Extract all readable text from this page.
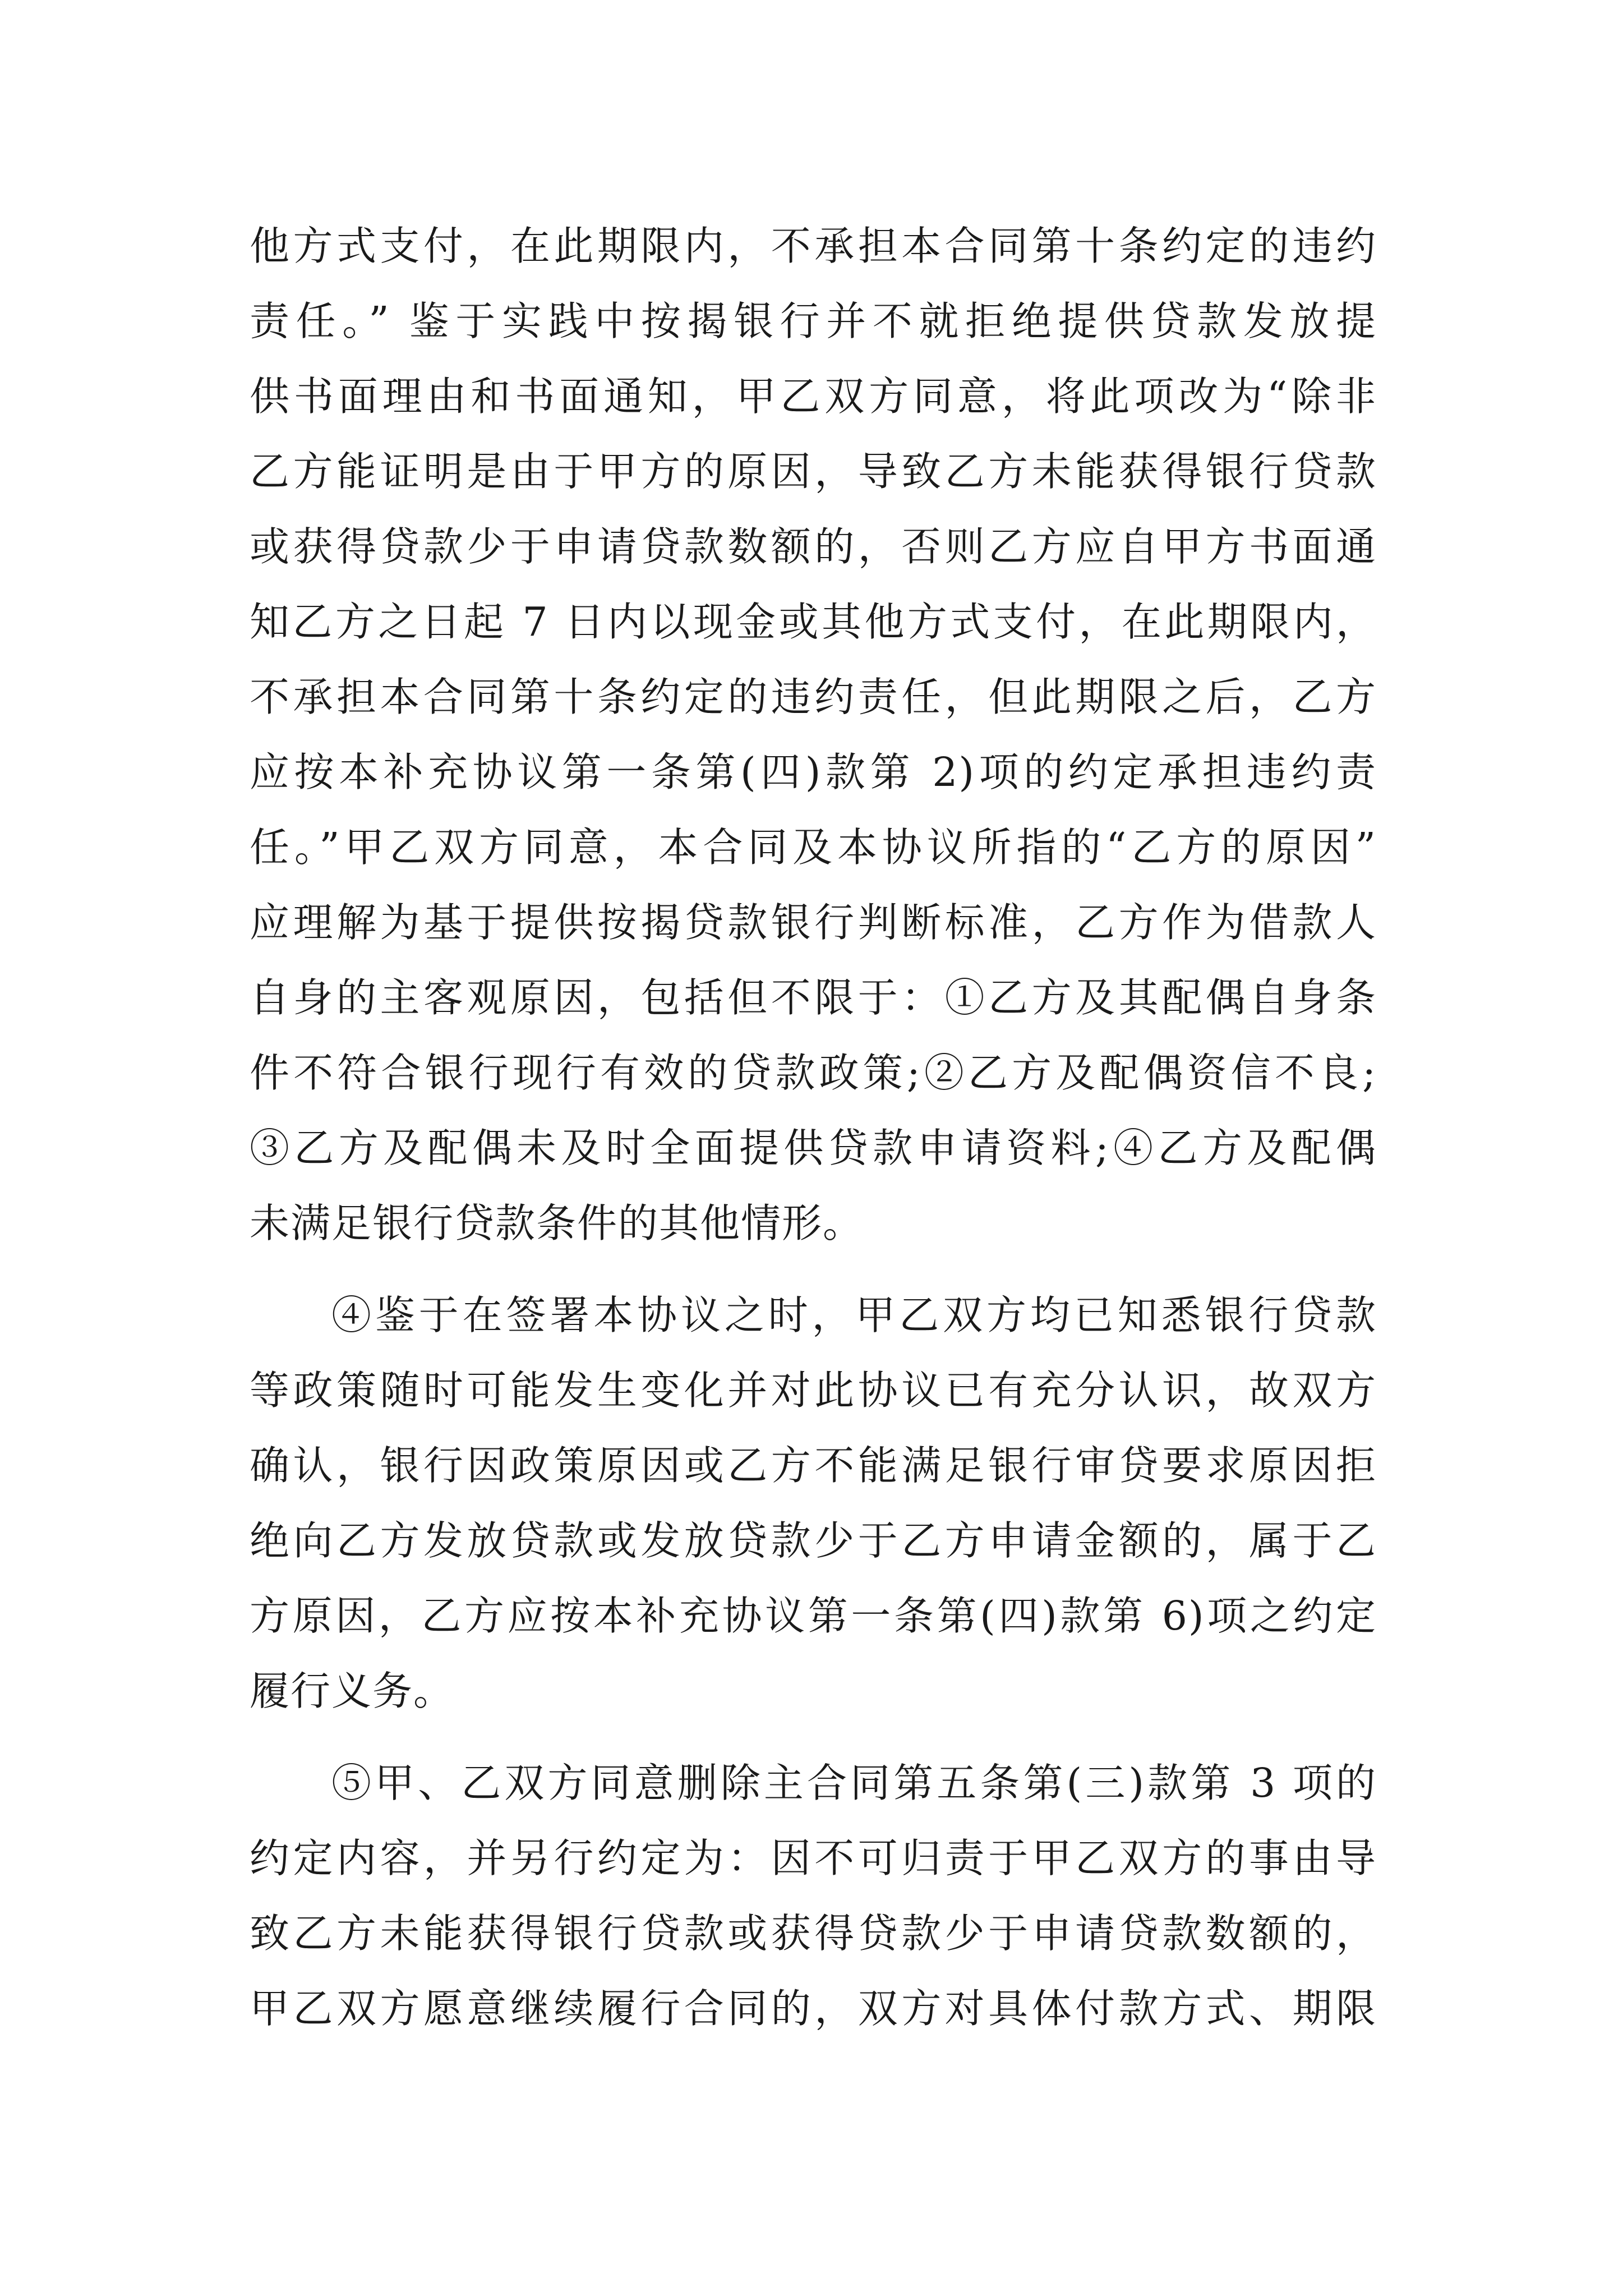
他方式支付，在此期限内，不承担本合同第十条约定的违约
责任。” 鉴于实践中按揭银行并不就拒绝提供贷款发放提
供书面理由和书面通知，甲乙双方同意，将此项改为“除非
乙方能证明是由于甲方的原因，导致乙方未能获得银行贷款
或获得贷款少于申请贷款数额的，否则乙方应自甲方书面通
知乙方之日起 7 日内以现金或其他方式支付，在此期限内，
不承担本合同第十条约定的违约责任，但此期限之后，乙方
应按本补充协议第一条第(四)款第 2)项的约定承担违约责
任。”甲乙双方同意，本合同及本协议所指的“乙方的原因”
应理解为基于提供按揭贷款银行判断标准，乙方作为借款人
自身的主客观原因，包括但不限于：①乙方及其配偶自身条
件不符合银行现行有效的贷款政策;②乙方及配偶资信不良;
③乙方及配偶未及时全面提供贷款申请资料;④乙方及配偶
未满足银行贷款条件的其他情形。
④鉴于在签署本协议之时，甲乙双方均已知悉银行贷款
等政策随时可能发生变化并对此协议已有充分认识，故双方
确认，银行因政策原因或乙方不能满足银行审贷要求原因拒
绝向乙方发放贷款或发放贷款少于乙方申请金额的，属于乙
方原因，乙方应按本补充协议第一条第(四)款第 6)项之约定
履行义务。
⑤甲、乙双方同意删除主合同第五条第(三)款第 3 项的
约定内容，并另行约定为：因不可归责于甲乙双方的事由导
致乙方未能获得银行贷款或获得贷款少于申请贷款数额的，
甲乙双方愿意继续履行合同的，双方对具体付款方式、期限
